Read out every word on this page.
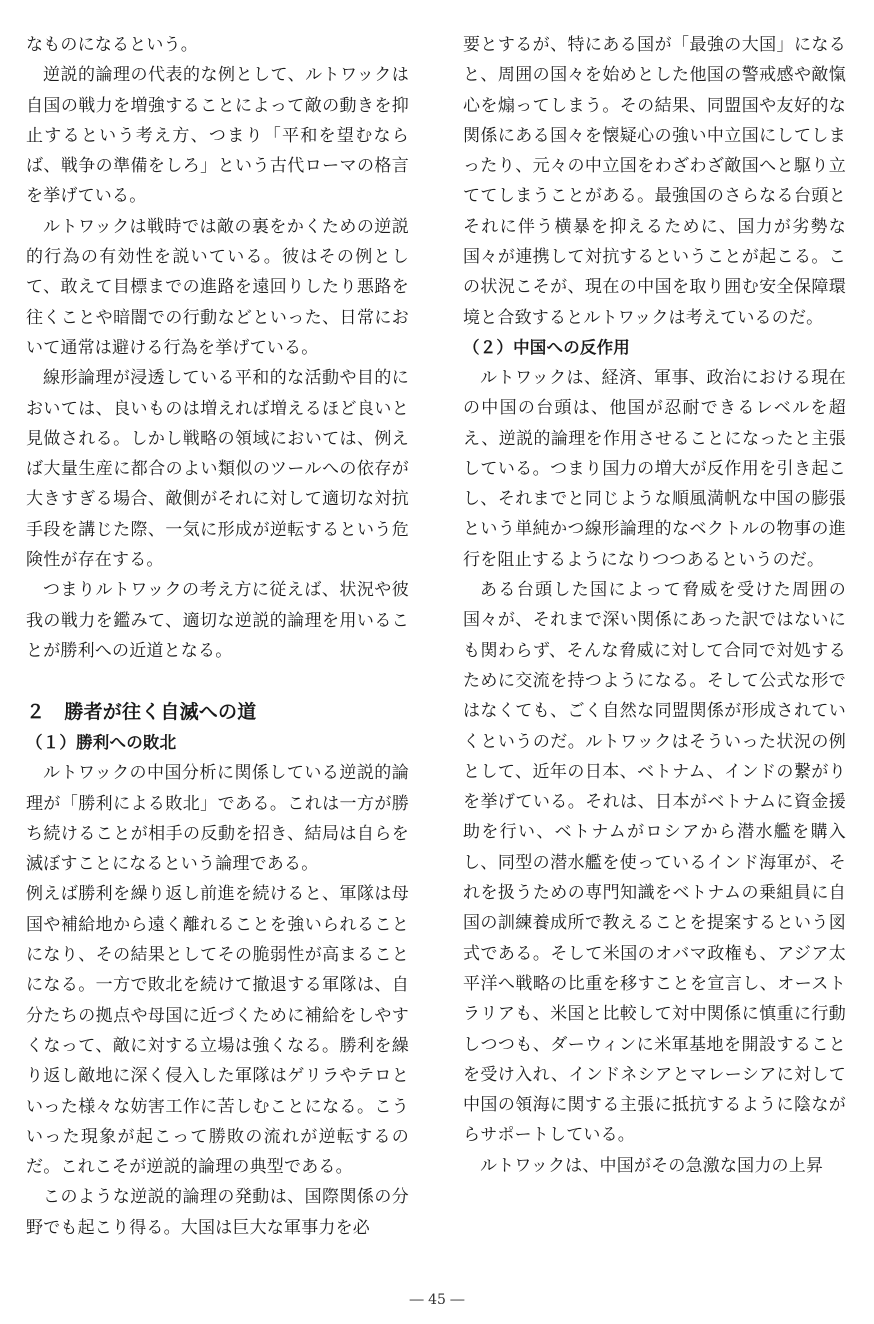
なものになるという。

逆説的論理の代表的な例として、ルトワックは自国の戦力を増強することによって敵の動きを抑止するという考え方、つまり「平和を望むならば、戦争の準備をしろ」という古代ローマの格言を挙げている。

ルトワックは戦時では敵の裏をかくための逆説的行為の有効性を説いている。彼はその例として、敢えて目標までの進路を遠回りしたり悪路を往くことや暗闇での行動などといった、日常において通常は避ける行為を挙げている。

線形論理が浸透している平和的な活動や目的においては、良いものは増えれば増えるほど良いと見做される。しかし戦略の領域においては、例えば大量生産に都合のよい類似のツールへの依存が大きすぎる場合、敵側がそれに対して適切な対抗手段を講じた際、一気に形成が逆転するという危険性が存在する。

つまりルトワックの考え方に従えば、状況や彼我の戦力を鑑みて、適切な逆説的論理を用いることが勝利への近道となる。

２　勝者が往く自滅への道
（１）勝利への敗北

ルトワックの中国分析に関係している逆説的論理が「勝利による敗北」である。これは一方が勝ち続けることが相手の反動を招き、結局は自らを滅ぼすことになるという論理である。

例えば勝利を繰り返し前進を続けると、軍隊は母国や補給地から遠く離れることを強いられることになり、その結果としてその脆弱性が高まることになる。一方で敗北を続けて撤退する軍隊は、自分たちの拠点や母国に近づくために補給をしやすくなって、敵に対する立場は強くなる。勝利を繰り返し敵地に深く侵入した軍隊はゲリラやテロといった様々な妨害工作に苦しむことになる。こういった現象が起こって勝敗の流れが逆転するのだ。これこそが逆説的論理の典型である。

このような逆説的論理の発動は、国際関係の分野でも起こり得る。大国は巨大な軍事力を必

要とするが、特にある国が「最強の大国」になると、周囲の国々を始めとした他国の警戒感や敵愾心を煽ってしまう。その結果、同盟国や友好的な関係にある国々を懐疑心の強い中立国にしてしまったり、元々の中立国をわざわざ敵国へと駆り立ててしまうことがある。最強国のさらなる台頭とそれに伴う横暴を抑えるために、国力が劣勢な国々が連携して対抗するということが起こる。この状況こそが、現在の中国を取り囲む安全保障環境と合致するとルトワックは考えているのだ。

（２）中国への反作用

ルトワックは、経済、軍事、政治における現在の中国の台頭は、他国が忍耐できるレベルを超え、逆説的論理を作用させることになったと主張している。つまり国力の増大が反作用を引き起こし、それまでと同じような順風満帆な中国の膨張という単純かつ線形論理的なベクトルの物事の進行を阻止するようになりつつあるというのだ。

ある台頭した国によって脅威を受けた周囲の国々が、それまで深い関係にあった訳ではないにも関わらず、そんな脅威に対して合同で対処するために交流を持つようになる。そして公式な形ではなくても、ごく自然な同盟関係が形成されていくというのだ。ルトワックはそういった状況の例として、近年の日本、ベトナム、インドの繋がりを挙げている。それは、日本がベトナムに資金援助を行い、ベトナムがロシアから潜水艦を購入し、同型の潜水艦を使っているインド海軍が、それを扱うための専門知識をベトナムの乗組員に自国の訓練養成所で教えることを提案するという図式である。そして米国のオバマ政権も、アジア太平洋へ戦略の比重を移すことを宣言し、オーストラリアも、米国と比較して対中関係に慎重に行動しつつも、ダーウィンに米軍基地を開設することを受け入れ、インドネシアとマレーシアに対して中国の領海に関する主張に抵抗するように陰ながらサポートしている。

ルトワックは、中国がその急激な国力の上昇

― 45 ―
